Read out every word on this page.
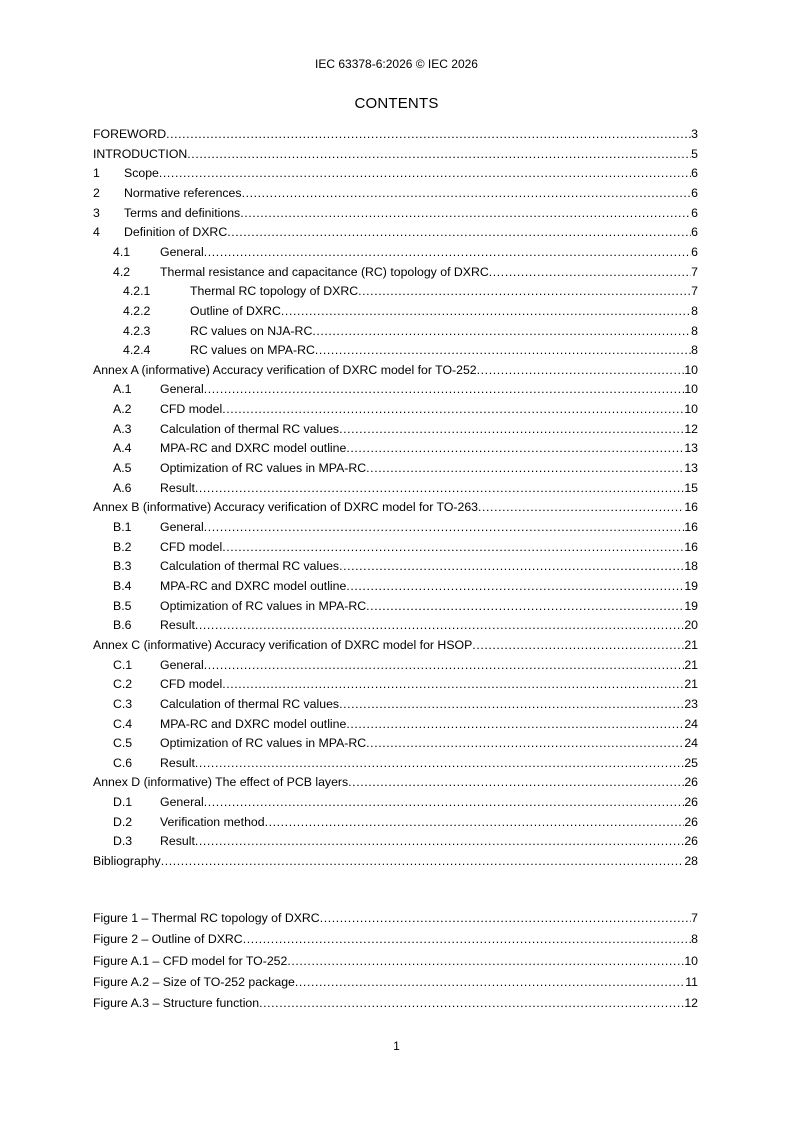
IEC 63378-6:2026 © IEC 2026
CONTENTS
FOREWORD .....	3
INTRODUCTION .....	5
1 Scope .....	6
2 Normative references .....	6
3 Terms and definitions .....	6
4 Definition of DXRC .....	6
4.1 General .....	6
4.2 Thermal resistance and capacitance (RC) topology of DXRC .....	7
4.2.1	Thermal RC topology of DXRC .....	7
4.2.2	Outline of DXRC .....	8
4.2.3	RC values on NJA-RC .....	8
4.2.4	RC values on MPA-RC .....	8
Annex A (informative) Accuracy verification of DXRC model for TO-252 .....	10
A.1 General .....	10
A.2 CFD model .....	10
A.3 Calculation of thermal RC values .....	12
A.4 MPA-RC and DXRC model outline .....	13
A.5 Optimization of RC values in MPA-RC .....	13
A.6 Result .....	15
Annex B (informative) Accuracy verification of DXRC model for TO-263 .....	16
B.1 General .....	16
B.2 CFD model .....	16
B.3 Calculation of thermal RC values .....	18
B.4 MPA-RC and DXRC model outline .....	19
B.5 Optimization of RC values in MPA-RC .....	19
B.6 Result .....	20
Annex C (informative) Accuracy verification of DXRC model for HSOP .....	21
C.1 General .....	21
C.2 CFD model .....	21
C.3 Calculation of thermal RC values .....	23
C.4 MPA-RC and DXRC model outline .....	24
C.5 Optimization of RC values in MPA-RC .....	24
C.6 Result .....	25
Annex D (informative) The effect of PCB layers .....	26
D.1 General .....	26
D.2 Verification method .....	26
D.3 Result .....	26
Bibliography .....	28
Figure 1 – Thermal RC topology of DXRC .....	7
Figure 2 – Outline of DXRC .....	8
Figure A.1 – CFD model for TO-252 .....	10
Figure A.2 – Size of TO-252 package .....	11
Figure A.3 – Structure function .....	12
1
